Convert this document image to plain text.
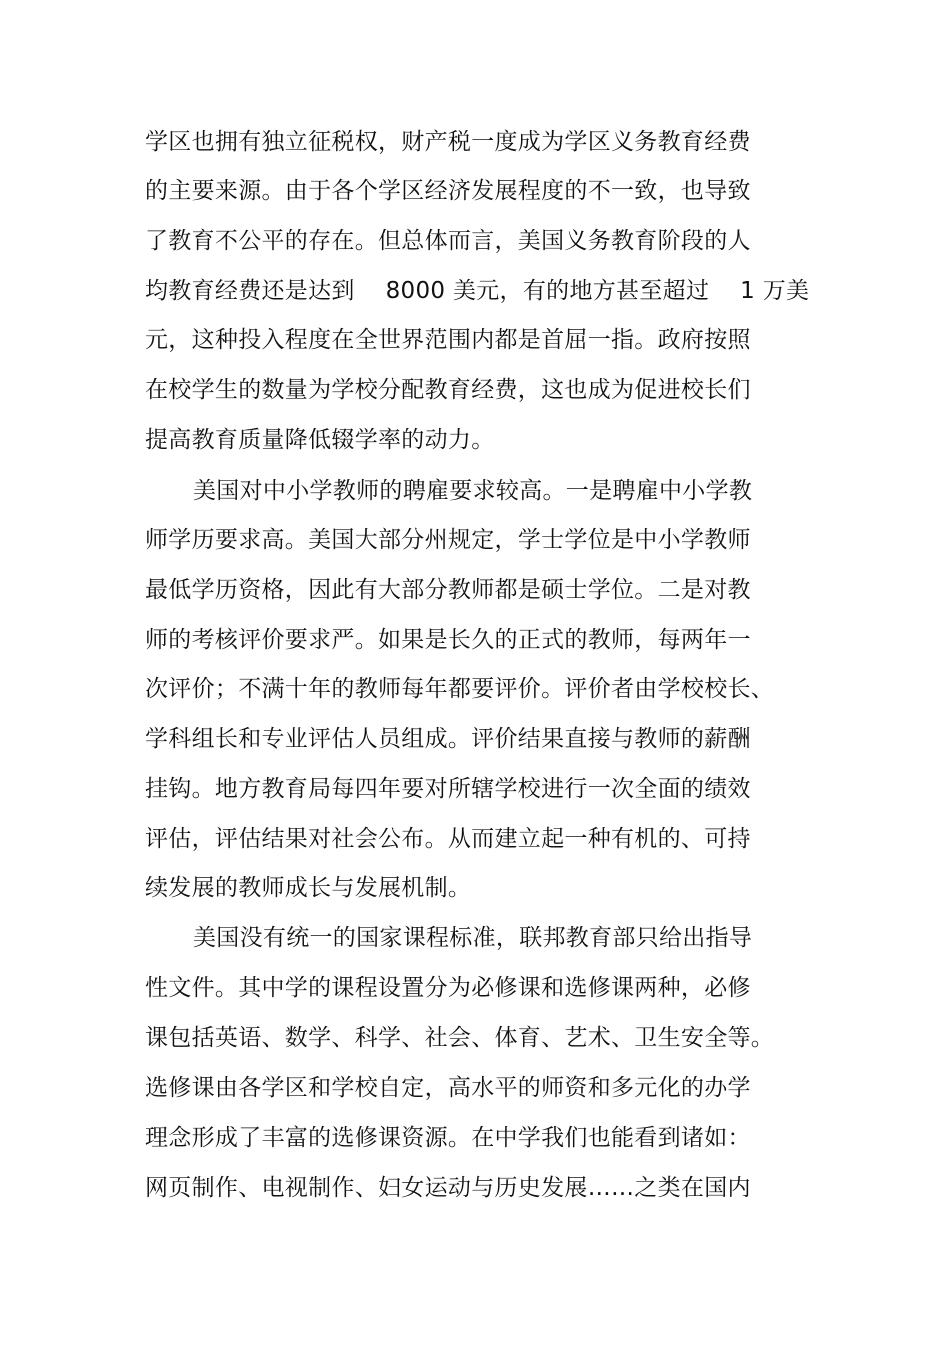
学区也拥有独立征税权，财产税一度成为学区义务教育经费
的主要来源。由于各个学区经济发展程度的不一致，也导致
了教育不公平的存在。但总体而言，美国义务教育阶段的人
均教育经费还是达到　 8000 美元，有的地方甚至超过　 1 万美
元，这种投入程度在全世界范围内都是首屈一指。政府按照
在校学生的数量为学校分配教育经费，这也成为促进校长们
提高教育质量降低辍学率的动力。
美国对中小学教师的聘雇要求较高。一是聘雇中小学教
师学历要求高。美国大部分州规定，学士学位是中小学教师
最低学历资格，因此有大部分教师都是硕士学位。二是对教
师的考核评价要求严。如果是长久的正式的教师，每两年一
次评价；不满十年的教师每年都要评价。评价者由学校校长、
学科组长和专业评估人员组成。评价结果直接与教师的薪酬
挂钩。地方教育局每四年要对所辖学校进行一次全面的绩效
评估，评估结果对社会公布。从而建立起一种有机的、可持
续发展的教师成长与发展机制。
美国没有统一的国家课程标准，联邦教育部只给出指导
性文件。其中学的课程设置分为必修课和选修课两种，必修
课包括英语、数学、科学、社会、体育、艺术、卫生安全等。
选修课由各学区和学校自定，高水平的师资和多元化的办学
理念形成了丰富的选修课资源。在中学我们也能看到诸如：
网页制作、电视制作、妇女运动与历史发展……之类在国内
